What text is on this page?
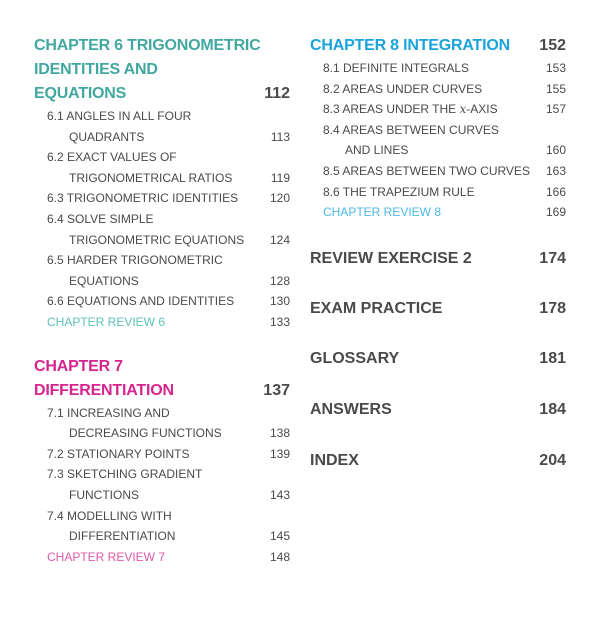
CHAPTER 6 TRIGONOMETRIC
IDENTITIES AND
EQUATIONS	112
6.1 ANGLES IN ALL FOUR
QUADRANTS	113
6.2 EXACT VALUES OF
TRIGONOMETRICAL RATIOS	119
6.3 TRIGONOMETRIC IDENTITIES	120
6.4 SOLVE SIMPLE
TRIGONOMETRIC EQUATIONS 124
6.5 HARDER TRIGONOMETRIC
EQUATIONS	128
6.6 EQUATIONS AND IDENTITIES	130
CHAPTER REVIEW 6	133
CHAPTER 7
DIFFERENTIATION	137
7.1 INCREASING AND
DECREASING FUNCTIONS	138
7.2 STATIONARY POINTS	139
7.3 SKETCHING GRADIENT
FUNCTIONS	143
7.4 MODELLING WITH
DIFFERENTIATION	145
CHAPTER REVIEW 7	148
CHAPTER 8 INTEGRATION 152
8.1 DEFINITE INTEGRALS	153
8.2 AREAS UNDER CURVES	155
8.3 AREAS UNDER THE x-AXIS	157
8.4 AREAS BETWEEN CURVES
AND LINES	160
8.5 AREAS BETWEEN TWO CURVES 163
8.6 THE TRAPEZIUM RULE	166
CHAPTER REVIEW 8	169
REVIEW EXERCISE 2	174
EXAM PRACTICE	178
GLOSSARY	181
ANSWERS	184
INDEX	204
